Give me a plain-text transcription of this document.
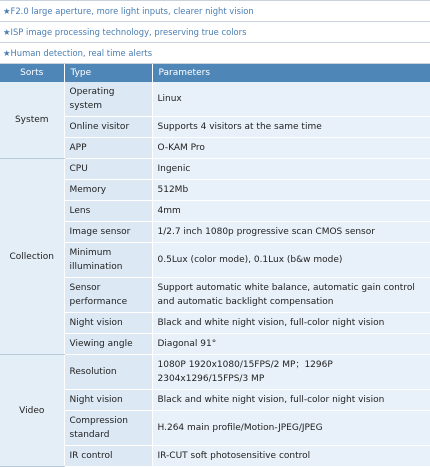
★F2.0 large aperture, more light inputs, clearer night vision
★ISP image processing technology, preserving true colors
★Human detection, real time alerts
Sorts	Type	Parameters
System	Operating system	Linux
	Online visitor	Supports 4 visitors at the same time
	APP	O-KAM Pro
Collection	CPU	Ingenic
	Memory	512Mb
	Lens	4mm
	Image sensor	1/2.7 inch 1080p progressive scan CMOS sensor
	Minimum illumination	0.5Lux (color mode), 0.1Lux (b&w mode)
	Sensor performance	Support automatic white balance, automatic gain control and automatic backlight compensation
	Night vision	Black and white night vision, full-color night vision
	Viewing angle	Diagonal 91°
Video	Resolution	1080P 1920x1080/15FPS/2 MP；1296P 2304x1296/15FPS/3 MP
	Night vision	Black and white night vision, full-color night vision
	Compression standard	H.264 main profile/Motion-JPEG/JPEG
	IR control	IR-CUT soft photosensitive control
